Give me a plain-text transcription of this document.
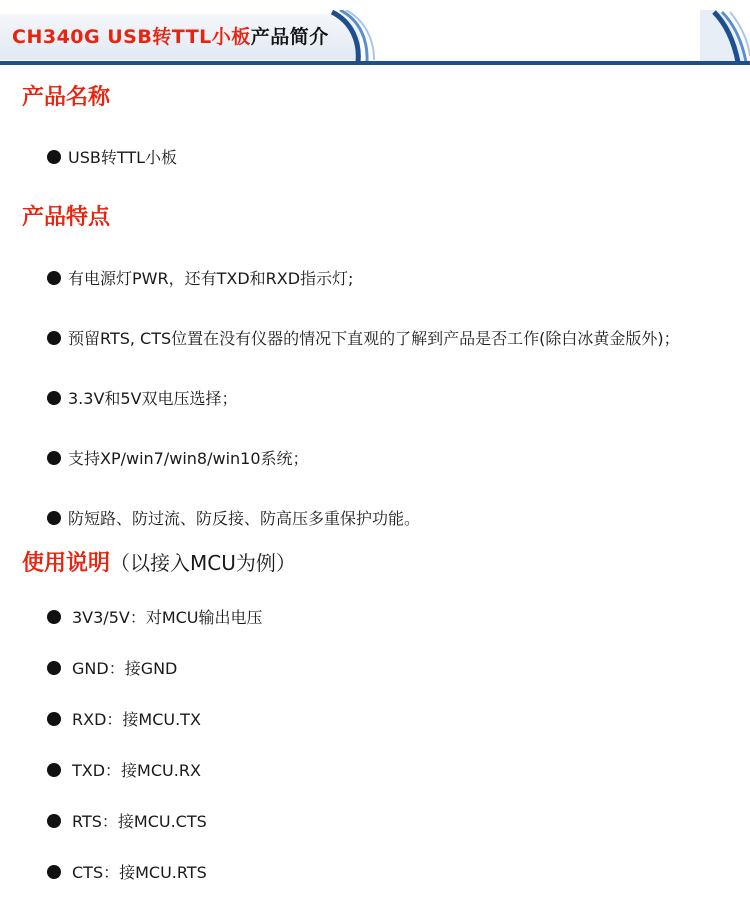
CH340G USB转TTL小板产品简介
产品名称
USB转TTL小板
产品特点
有电源灯PWR，还有TXD和RXD指示灯;
预留RTS, CTS位置在没有仪器的情况下直观的了解到产品是否工作(除白冰黄金版外)；
3.3V和5V双电压选择；
支持XP/win7/win8/win10系统；
防短路、防过流、防反接、防高压多重保护功能。
使用说明（以接入MCU为例）
3V3/5V：对MCU输出电压
GND：接GND
RXD：接MCU.TX
TXD：接MCU.RX
RTS：接MCU.CTS
CTS：接MCU.RTS
